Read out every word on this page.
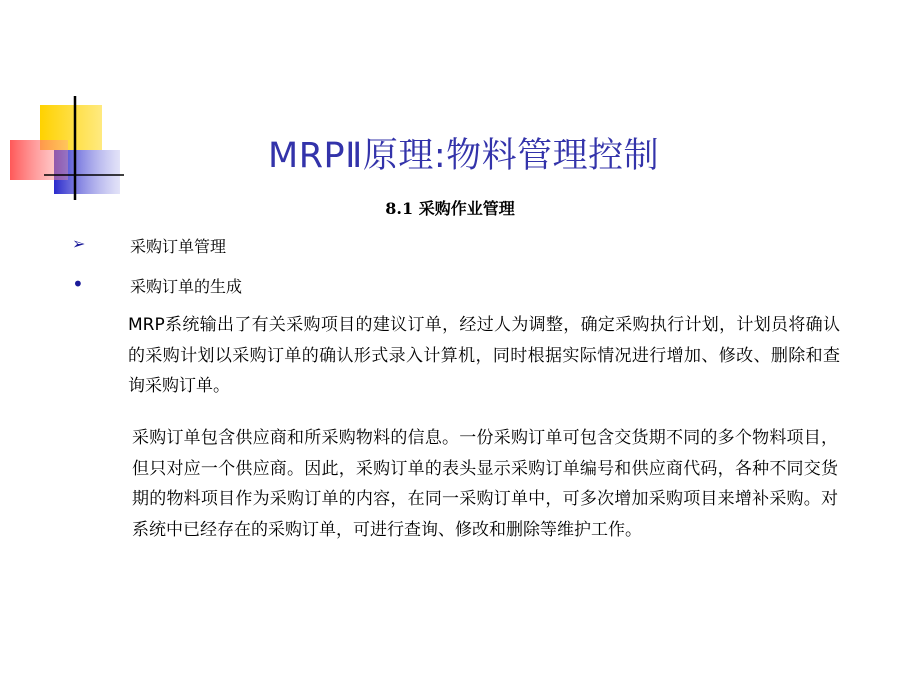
MRPⅡ原理:物料管理控制
8.1 采购作业管理
➢	采购订单管理
•	采购订单的生成
MRP系统输出了有关采购项目的建议订单，经过人为调整，确定采购执行计划，计划员将确认的采购计划以采购订单的确认形式录入计算机，同时根据实际情况进行增加、修改、删除和查询采购订单。
采购订单包含供应商和所采购物料的信息。一份采购订单可包含交货期不同的多个物料项目，但只对应一个供应商。因此，采购订单的表头显示采购订单编号和供应商代码，各种不同交货期的物料项目作为采购订单的内容，在同一采购订单中，可多次增加采购项目来增补采购。对系统中已经存在的采购订单，可进行查询、修改和删除等维护工作。
